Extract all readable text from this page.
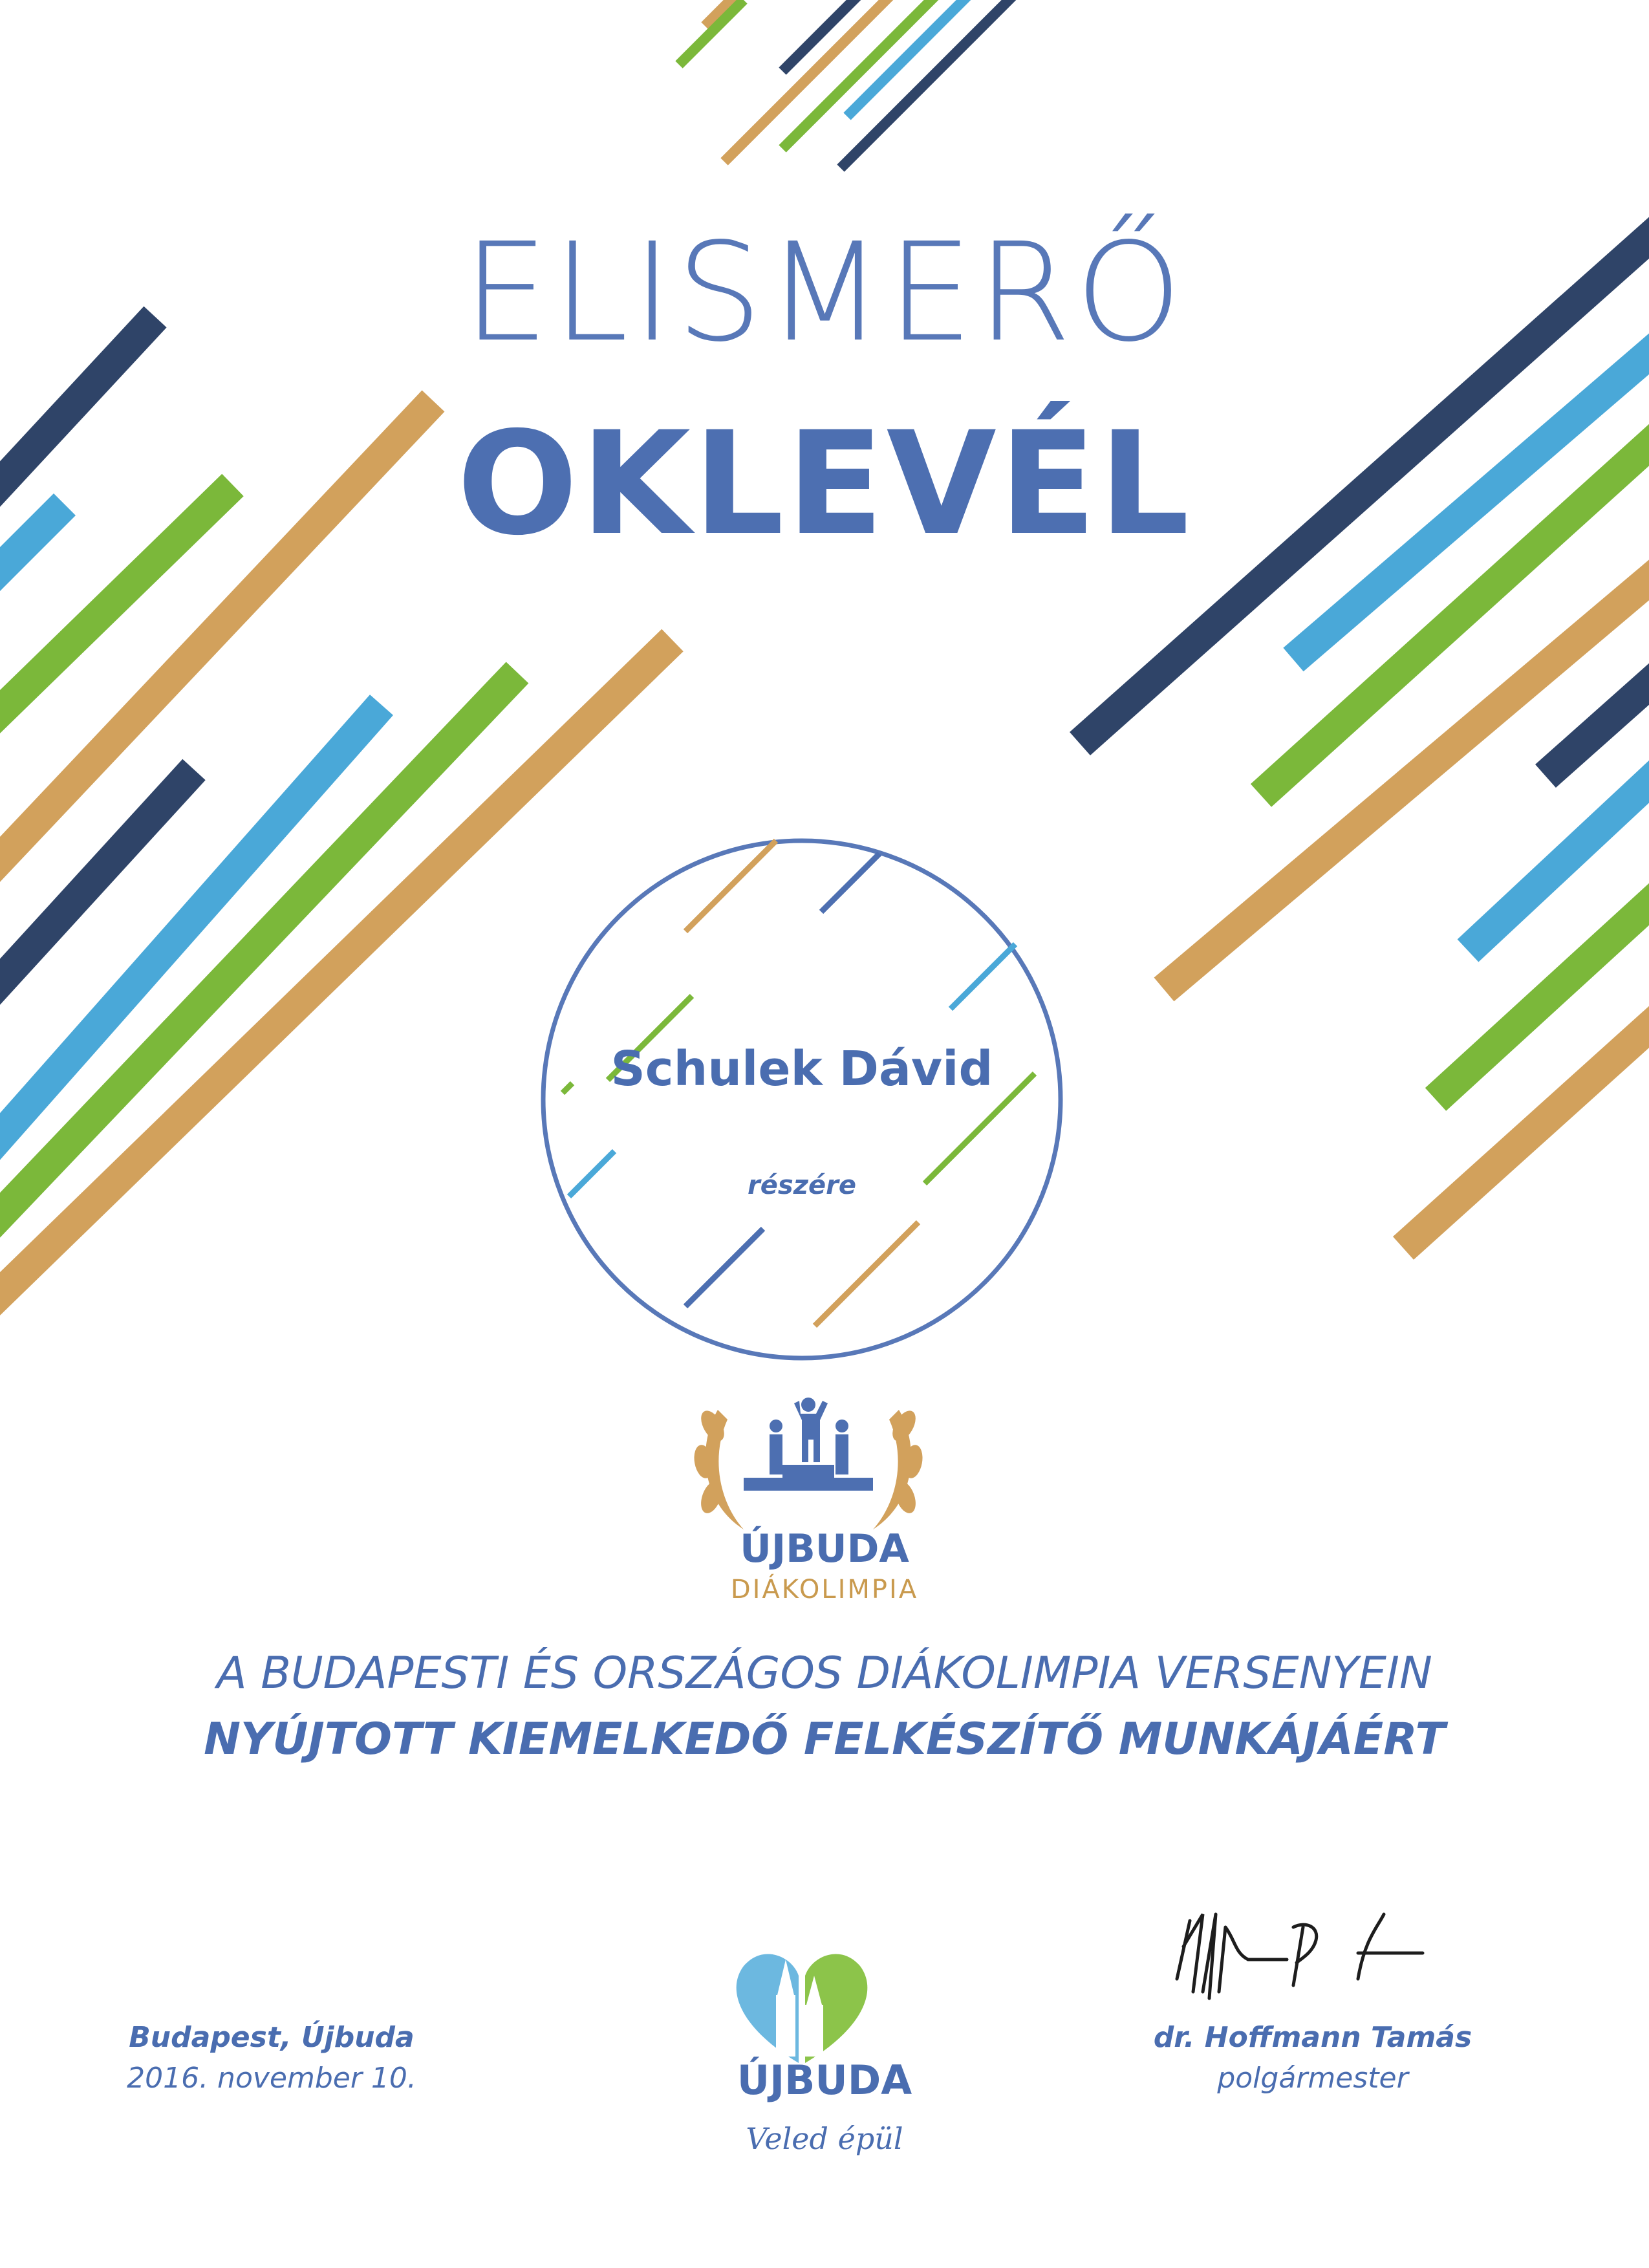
ELISMERŐ
OKLEVÉL
Schulek Dávid
részére
ÚJBUDA
DIÁKOLIMPIA
A BUDAPESTI ÉS ORSZÁGOS DIÁKOLIMPIA VERSENYEIN
NYÚJTOTT KIEMELKEDŐ FELKÉSZÍTŐ MUNKÁJÁÉRT
Budapest, Újbuda
2016. november 10.	ÚJBUDA
Veled épül
dr. Hoffmann Tamás
polgármester
